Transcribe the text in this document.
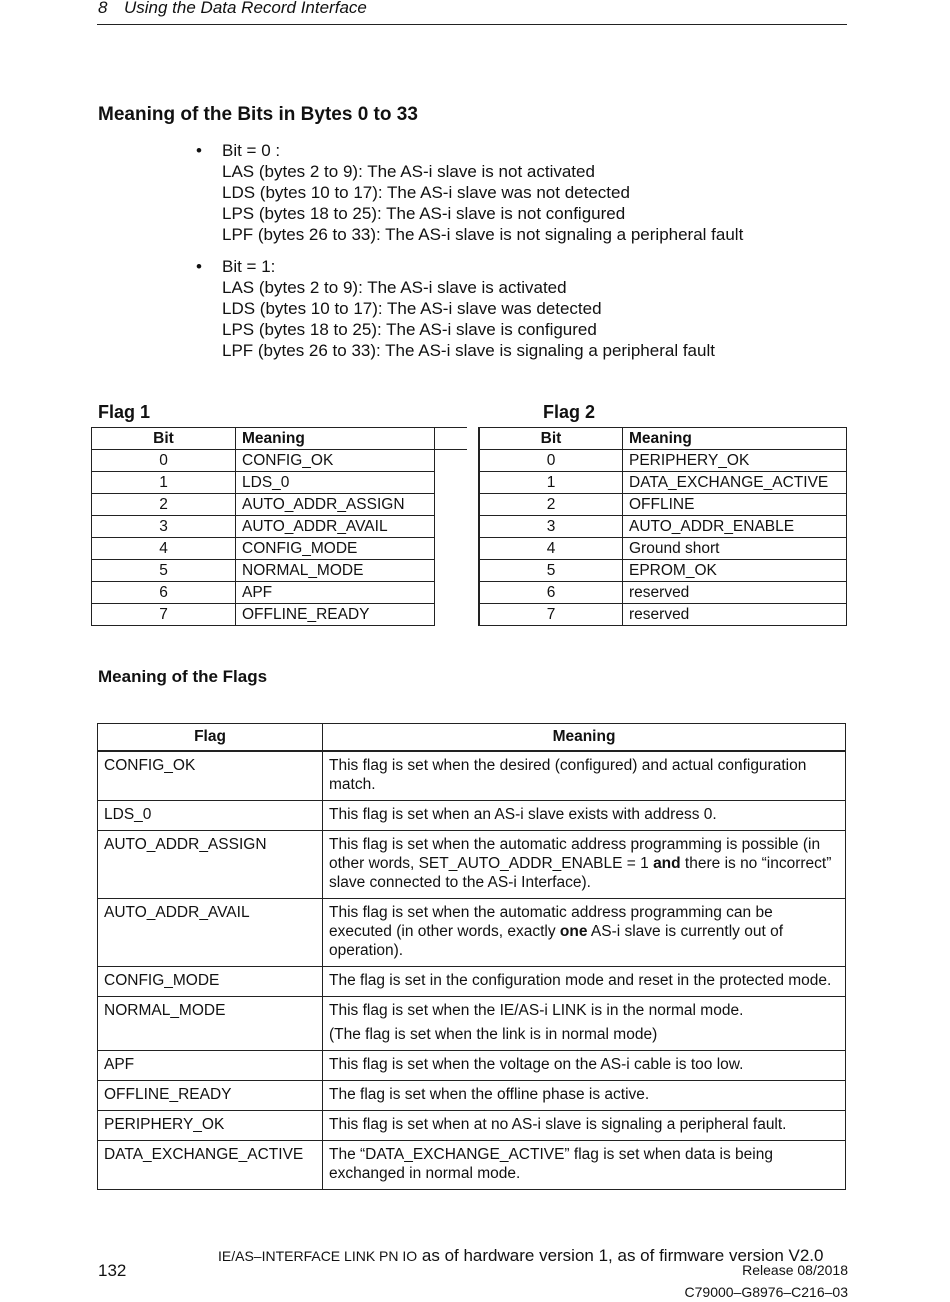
8 Using the Data Record Interface
Meaning of the Bits in Bytes 0 to 33
• Bit = 0 :
LAS (bytes 2 to 9): The AS-i slave is not activated
LDS (bytes 10 to 17): The AS-i slave was not detected
LPS (bytes 18 to 25): The AS-i slave is not configured
LPF (bytes 26 to 33): The AS-i slave is not signaling a peripheral fault
• Bit = 1:
LAS (bytes 2 to 9): The AS-i slave is activated
LDS (bytes 10 to 17): The AS-i slave was detected
LPS (bytes 18 to 25): The AS-i slave is configured
LPF (bytes 26 to 33): The AS-i slave is signaling a peripheral fault
Flag 1	Flag 2
Bit	Meaning	
0	CONFIG_OK	
1	LDS_0	
2	AUTO_ADDR_ASSIGN	
3	AUTO_ADDR_AVAIL	
4	CONFIG_MODE	
5	NORMAL_MODE	
6	APF	
7	OFFLINE_READY	
Bit	Meaning
0	PERIPHERY_OK
1	DATA_EXCHANGE_ACTIVE
2	OFFLINE
3	AUTO_ADDR_ENABLE
4	Ground short
5	EPROM_OK
6	reserved
7	reserved
Meaning of the Flags
Flag	Meaning
CONFIG_OK	This flag is set when the desired (configured) and actual configuration match.

LDS_0	This flag is set when an AS-i slave exists with address 0.

AUTO_ADDR_ASSIGN	This flag is set when the automatic address programming is possible (in other words, SET_AUTO_ADDR_ENABLE = 1 and there is no “incorrect” slave connected to the AS-i Interface).
AUTO_ADDR_AVAIL	This flag is set when the automatic address programming can be executed (in other words, exactly one AS-i slave is currently out of operation).
CONFIG_MODE	The flag is set in the configuration mode and reset in the protected mode.

NORMAL_MODE	This flag is set when the IE/AS-i LINK is in the normal mode.
(The flag is set when the link is in normal mode)

APF	This flag is set when the voltage on the AS-i cable is too low.

OFFLINE_READY	The flag is set when the offline phase is active.

PERIPHERY_OK	This flag is set when at no AS-i slave is signaling a peripheral fault.

DATA_EXCHANGE_ACTIVE	The “DATA_EXCHANGE_ACTIVE” flag is set when data is being exchanged in normal mode.
132
IE/AS–INTERFACE LINK PN IO as of hardware version 1, as of firmware version V2.0
Release 08/2018
C79000–G8976–C216–03
